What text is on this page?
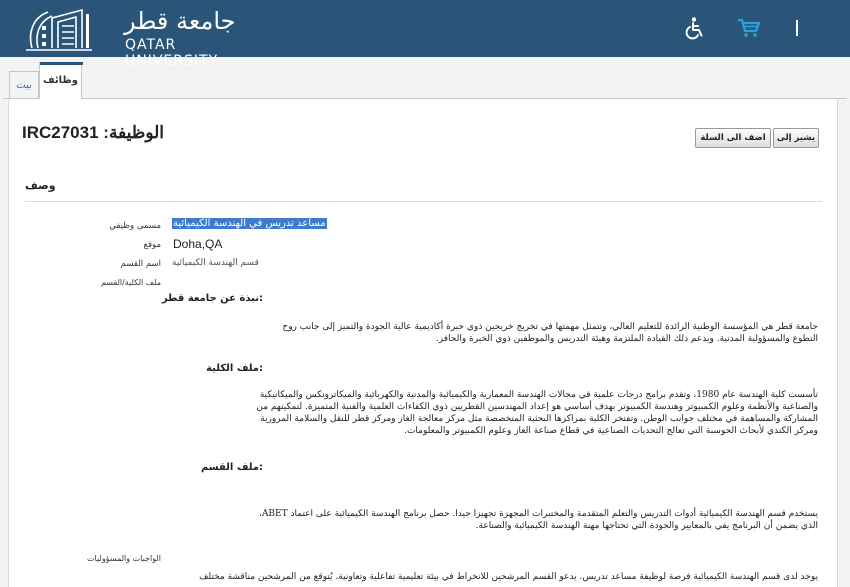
جامعة قطر
QATAR UNIVERSITY
وظائف
بيت
الوظيفة: IRC27031	اضف الى السلة	يشير إلى
وصف
مسمى وظيفي مساعد تدريس في الهندسة الكيميائية
موقع Doha,QA
اسم القسم قسم الهندسة الكيميائية
ملف الكلية/القسم
نبذة عن جامعة قطر:
جامعة قطر هي المؤسسة الوطنية الرائدة للتعليم العالي، وتتمثل مهمتها في تخريج خريجين ذوي خبرة أكاديمية عالية الجودة والتميز إلى جانب روح
التطوع والمسؤولية المدنية. ويدعم ذلك القيادة الملتزمة وهيئة التدريس والموظفين ذوي الخبرة والحافز.
ملف الكلية:
تأسست كلية الهندسة عام 1980، وتقدم برامج درجات علمية في مجالات الهندسة المعمارية والكيميائية والمدنية والكهربائية والميكاترونكس والميكانيكية
والصناعية والأنظمة وعلوم الكمبيوتر وهندسة الكمبيوتر بهدف أساسي هو إعداد المهندسين القطريين ذوي الكفاءات العلمية والفنية المتميزة. لتمكينهم من
المشاركة والمساهمة في مختلف جوانب الوطن. وتفتخر الكلية بمراكزها البحثية المتخصصة مثل مركز معالجة الغاز ومركز قطر للنقل والسلامة المرورية
ومركز الكندي لأبحاث الحوسبة التي تعالج التحديات الصناعية في قطاع صناعة الغاز وعلوم الكمبيوتر والمعلومات.
ملف القسم:
يستخدم قسم الهندسة الكيميائية أدوات التدريس والتعلم المتقدمة والمختبرات المجهزة تجهيزا جيدا. حصل برنامج الهندسة الكيميائية على اعتماد ABET،
الذي يضمن أن البرنامج يفي بالمعايير والجودة التي تحتاجها مهنة الهندسة الكيميائية والصناعة.
الواجبات والمسؤوليات
يوجد لدى قسم الهندسة الكيميائية فرصة لوظيفة مساعد تدريس. يدعو القسم المرشحين للانخراط في بيئة تعليمية تفاعلية وتعاونية. يُتوقع من المرشحين مناقشة مختلف
